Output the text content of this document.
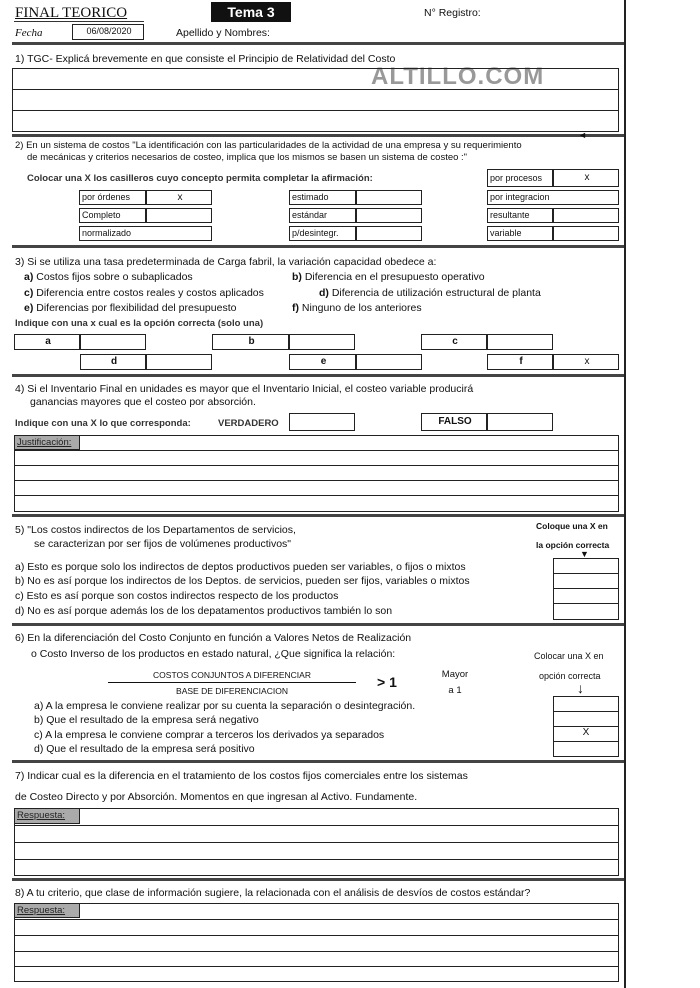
FINAL TEORICO	Tema 3	N° Registro:
Fecha	06/08/2020	Apellido y Nombres:
1) TGC- Explicá brevemente en que consiste el Principio de Relatividad del Costo
ALTILLO.COM
2) En un sistema de costos "La identificación con las particularidades de la actividad de una empresa y su requerimiento
de mecánicas y criterios necesarios de costeo, implica que los mismos se basen un sistema de costeo :"
◄
Colocar una X los casilleros cuyo concepto permita completar la afirmación:	por procesos	x
por órdenes	x	estimado	por integracion
Completo	estándar	resultante
normalizado	p/desintegr.	variable
3) Si se utiliza una tasa predeterminada de Carga fabril, la variación capacidad obedece a:
a) Costos fijos sobre o subaplicados	b) Diferencia en el presupuesto operativo
c) Diferencia entre costos reales y costos aplicados	d) Diferencia de utilización estructural de planta
e) Diferencias por flexibilidad del presupuesto	f) Ninguno de los anteriores
Indique con una x cual es la opción correcta (solo una)
a	b	c
d	e	f	x
4) Si el Inventario Final en unidades es mayor que el Inventario Inicial, el costeo variable producirá
ganancias mayores que el costeo por absorción.
Indique con una X lo que corresponda:	VERDADERO	FALSO
Justificación:
5) "Los costos indirectos de los Departamentos de servicios,
se caracterizan por ser fijos de volúmenes productivos"
Coloque una X en
la opción correcta
▼
a) Esto es porque solo los indirectos de deptos productivos pueden ser variables, o fijos o mixtos
b) No es así porque los indirectos de los Deptos. de servicios, pueden ser fijos, variables o mixtos
c) Esto es así porque son costos indirectos respecto de los productos
d) No es así porque además los de los depatamentos productivos también lo son
6) En la diferenciación del Costo Conjunto en función a Valores Netos de Realización
o Costo Inverso de los productos en estado natural, ¿Que significa la relación:	Colocar una X en
opción correcta
↓
COSTOS CONJUNTOS A DIFERENCIAR
BASE DE DIFERENCIACION
> 1	Mayor
a 1
a) A la empresa le conviene realizar por su cuenta la separación o desintegración.
b) Que el resultado de la empresa será negativo
c) A la empresa le conviene comprar a terceros los derivados ya separados
d) Que el resultado de la empresa será positivo
X
7) Indicar cual es la diferencia en el tratamiento de los costos fijos comerciales entre los sistemas
de Costeo Directo y por Absorción. Momentos en que ingresan al Activo. Fundamente.
Respuesta:
8) A tu criterio, que clase de información sugiere, la relacionada con el análisis de desvíos de costos estándar?
Respuesta:
